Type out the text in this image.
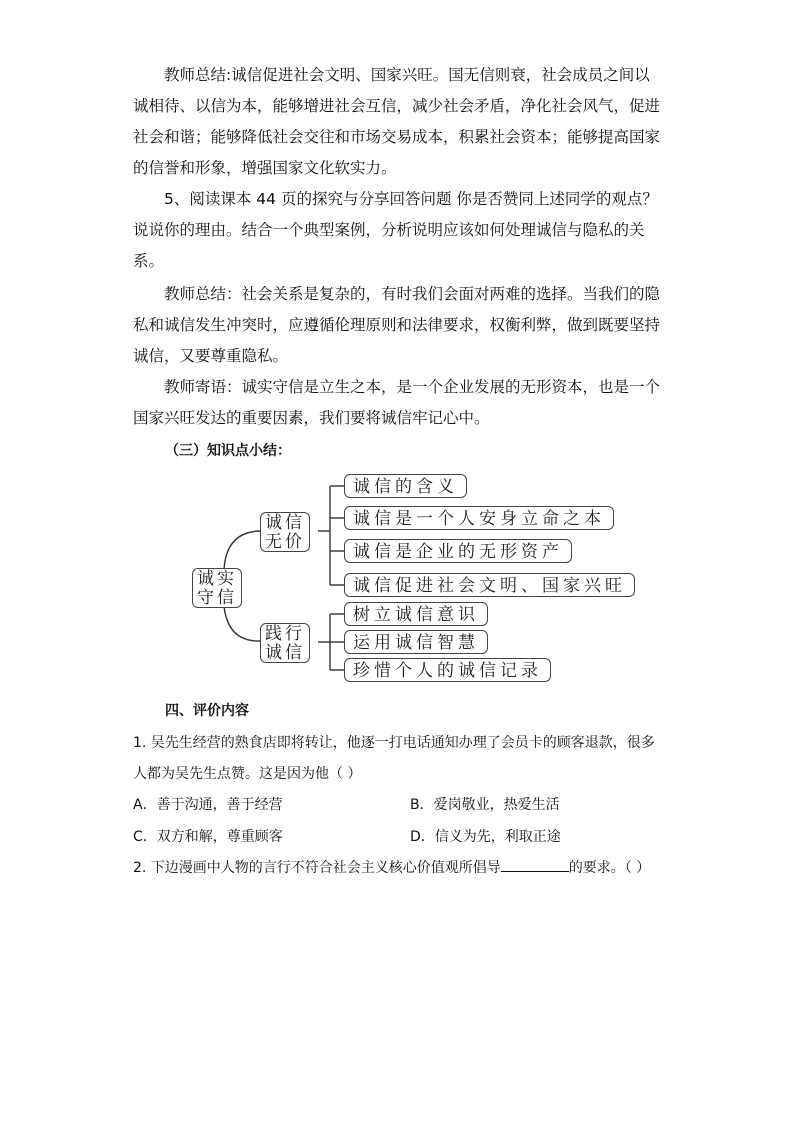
教师总结:诚信促进社会文明、国家兴旺。国无信则衰，社会成员之间以诚相待、以信为本，能够增进社会互信，减少社会矛盾，净化社会风气，促进社会和谐；能够降低社会交往和市场交易成本，积累社会资本；能够提高国家的信誉和形象，增强国家文化软实力。
5、阅读课本 44 页的探究与分享回答问题 你是否赞同上述同学的观点？说说你的理由。结合一个典型案例，分析说明应该如何处理诚信与隐私的关系。
教师总结：社会关系是复杂的，有时我们会面对两难的选择。当我们的隐私和诚信发生冲突时，应遵循伦理原则和法律要求，权衡利弊，做到既要坚持诚信，又要尊重隐私。
教师寄语：诚实守信是立生之本，是一个企业发展的无形资本，也是一个国家兴旺发达的重要因素，我们要将诚信牢记心中。
（三）知识点小结：
诚实
守信
诚信
无价
诚信的含义
诚信是一个人安身立命之本
诚信是企业的无形资产
诚信促进社会文明、国家兴旺
践行
诚信
树立诚信意识
运用诚信智慧
珍惜个人的诚信记录
四、评价内容
1. 吴先生经营的熟食店即将转让，他逐一打电话通知办理了会员卡的顾客退款，很多
人都为吴先生点赞。这是因为他（ ）
A．善于沟通，善于经营	B．爱岗敬业，热爱生活
C．双方和解，尊重顾客	D．信义为先，利取正途
2. 下边漫画中人物的言行不符合社会主义核心价值观所倡导	的要求。（ ）
